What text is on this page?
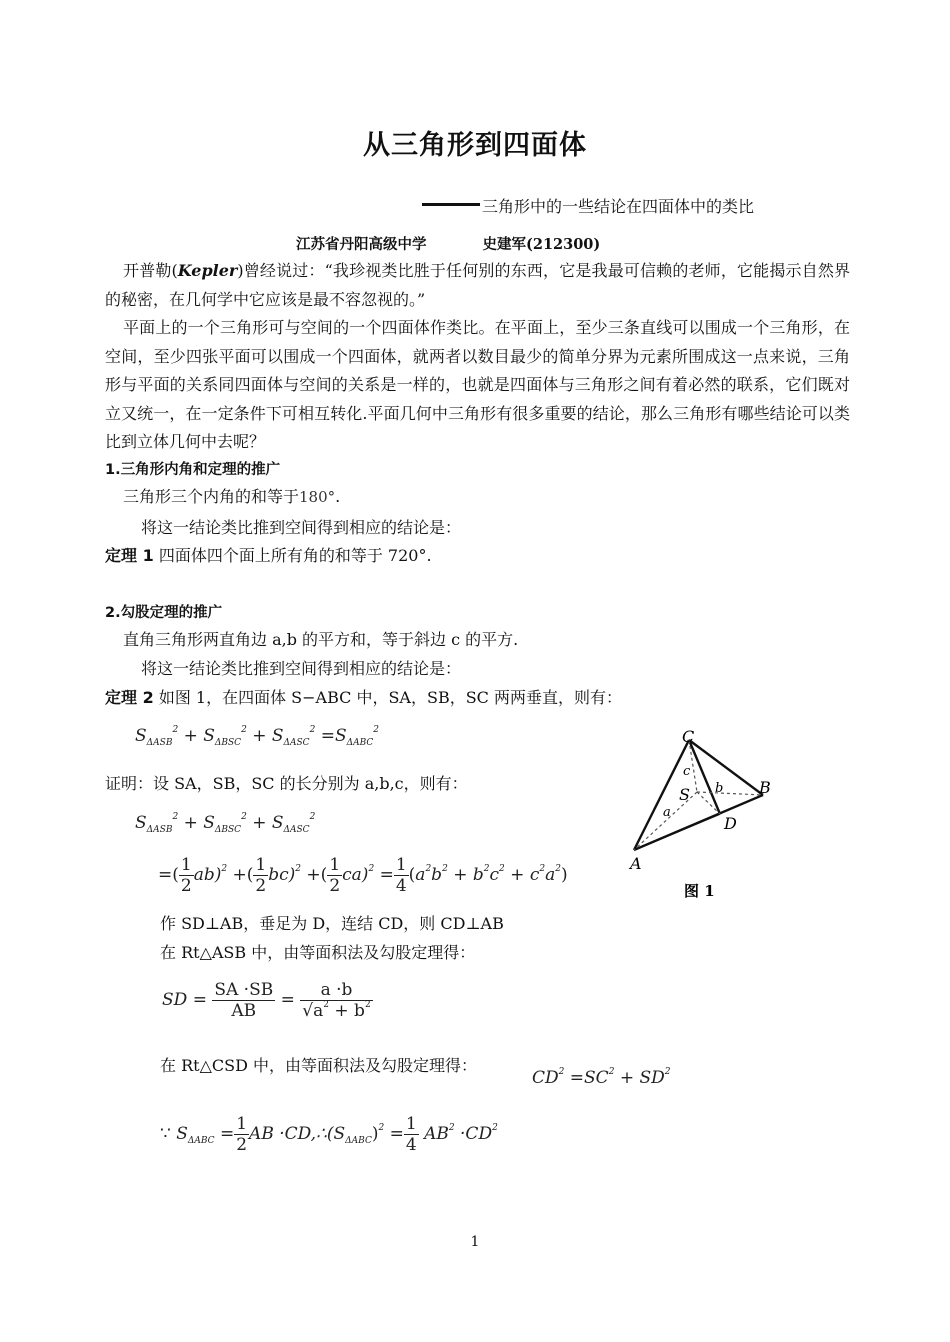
从三角形到四面体
三角形中的一些结论在四面体中的类比
江苏省丹阳高级中学	史建军(212300)
开普勒(Kepler)曾经说过：“我珍视类比胜于任何别的东西，它是我最可信赖的老师，它能揭示自然界的秘密，在几何学中它应该是最不容忽视的。”
平面上的一个三角形可与空间的一个四面体作类比。在平面上，至少三条直线可以围成一个三角形，在空间，至少四张平面可以围成一个四面体，就两者以数目最少的简单分界为元素所围成这一点来说，三角形与平面的关系同四面体与空间的关系是一样的，也就是四面体与三角形之间有着必然的联系，它们既对立又统一，在一定条件下可相互转化.平面几何中三角形有很多重要的结论，那么三角形有哪些结论可以类比到立体几何中去呢？
1.三角形内角和定理的推广
三角形三个内角的和等于180°.
将这一结论类比推到空间得到相应的结论是：
定理 1 四面体四个面上所有角的和等于 720°.
2.勾股定理的推广
直角三角形两直角边 a,b 的平方和，等于斜边 c 的平方.
将这一结论类比推到空间得到相应的结论是：
定理 2 如图 1，在四面体 S−ABC 中，SA，SB，SC 两两垂直，则有：
$S_{\Delta ASB}^2 + S_{\Delta BSC}^2 + S_{\Delta ASC}^2 =S_{\Delta ABC}^2$
证明：设 SA，SB，SC 的长分别为 a,b,c，则有：
$S_{\Delta ASB}^2 + S_{\Delta BSC}^2 + S_{\Delta ASC}^2$
=( $\frac{1}{2} ab)^2$ +( $\frac{1}{2} bc)^2$ +( $\frac{1}{2} ca)^2 = \frac{1}{4} (a^2b^2 + b^2c^2 + c^2a^2)$
作 SD⊥AB，垂足为 D，连结 CD，则 CD⊥AB
在 Rt△ASB 中，由等面积法及勾股定理得：
SD = $\frac{SA \cdot SB}{AB} = \frac{a \cdot b}{√a^2 + b^2}$
在 Rt△CSD 中，由等面积法及勾股定理得：
$CD^2 =SC^2 + SD^2$
∵ $S_{\Delta ABC} = \frac{1}{2}$ AB $\cdot CD,\therefore(S_{\Delta ABC})^2 = \frac{1}{4} AB^2 \cdot CD^2$
C
S	B
D
A
a
b
c
图 1
1
